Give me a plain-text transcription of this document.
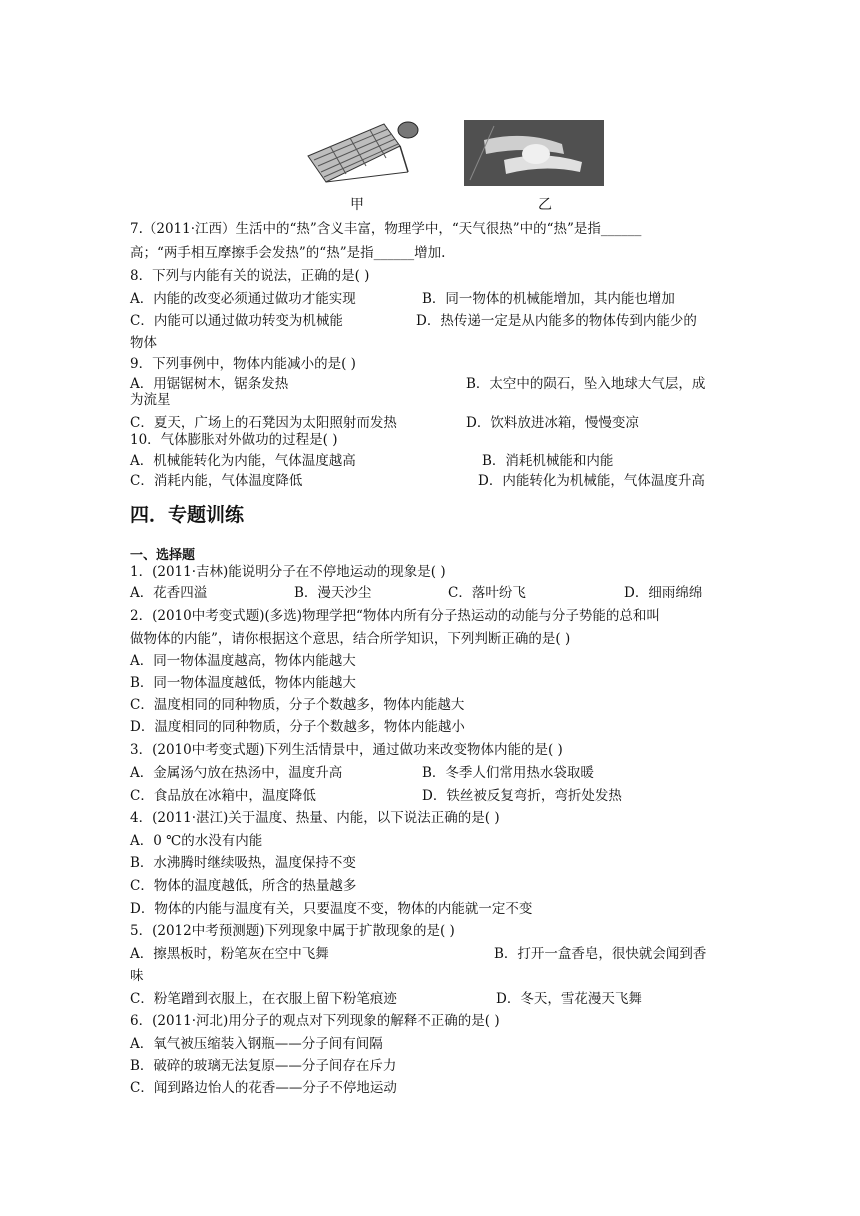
甲	乙
7.（2011·江西）生活中的“热”含义丰富，物理学中，“天气很热”中的“热”是指______
高；“两手相互摩擦手会发热”的“热”是指______增加.
8．下列与内能有关的说法，正确的是( )
A．内能的改变必须通过做功才能实现	B．同一物体的机械能增加，其内能也增加
C．内能可以通过做功转变为机械能	D．热传递一定是从内能多的物体传到内能少的
物体
9．下列事例中，物体内能减小的是( )
A．用锯锯树木，锯条发热	B．太空中的陨石，坠入地球大气层，成
为流星
C．夏天，广场上的石凳因为太阳照射而发热	D．饮料放进冰箱，慢慢变凉
10．气体膨胀对外做功的过程是( )
A．机械能转化为内能，气体温度越高	B．消耗机械能和内能
C．消耗内能，气体温度降低	D．内能转化为机械能，气体温度升高
四．专题训练
一、选择题
1．(2011·吉林)能说明分子在不停地运动的现象是( )
A．花香四溢	B．漫天沙尘	C．落叶纷飞	D．细雨绵绵
2．(2010中考变式题)(多选)物理学把“物体内所有分子热运动的动能与分子势能的总和叫
做物体的内能”，请你根据这个意思，结合所学知识，下列判断正确的是( )
A．同一物体温度越高，物体内能越大
B．同一物体温度越低，物体内能越大
C．温度相同的同种物质，分子个数越多，物体内能越大
D．温度相同的同种物质，分子个数越多，物体内能越小
3．(2010中考变式题)下列生活情景中，通过做功来改变物体内能的是( )
A．金属汤勺放在热汤中，温度升高	B．冬季人们常用热水袋取暖
C．食品放在冰箱中，温度降低	D．铁丝被反复弯折，弯折处发热
4．(2011·湛江)关于温度、热量、内能，以下说法正确的是( )
A．0 ℃的水没有内能
B．水沸腾时继续吸热，温度保持不变
C．物体的温度越低，所含的热量越多
D．物体的内能与温度有关，只要温度不变，物体的内能就一定不变
5．(2012中考预测题)下列现象中属于扩散现象的是( )
A．擦黑板时，粉笔灰在空中飞舞	B．打开一盒香皂，很快就会闻到香
味
C．粉笔蹭到衣服上，在衣服上留下粉笔痕迹	D．冬天，雪花漫天飞舞
6．(2011·河北)用分子的观点对下列现象的解释不正确的是( )
A．氧气被压缩装入钢瓶——分子间有间隔
B．破碎的玻璃无法复原——分子间存在斥力
C．闻到路边怡人的花香——分子不停地运动
